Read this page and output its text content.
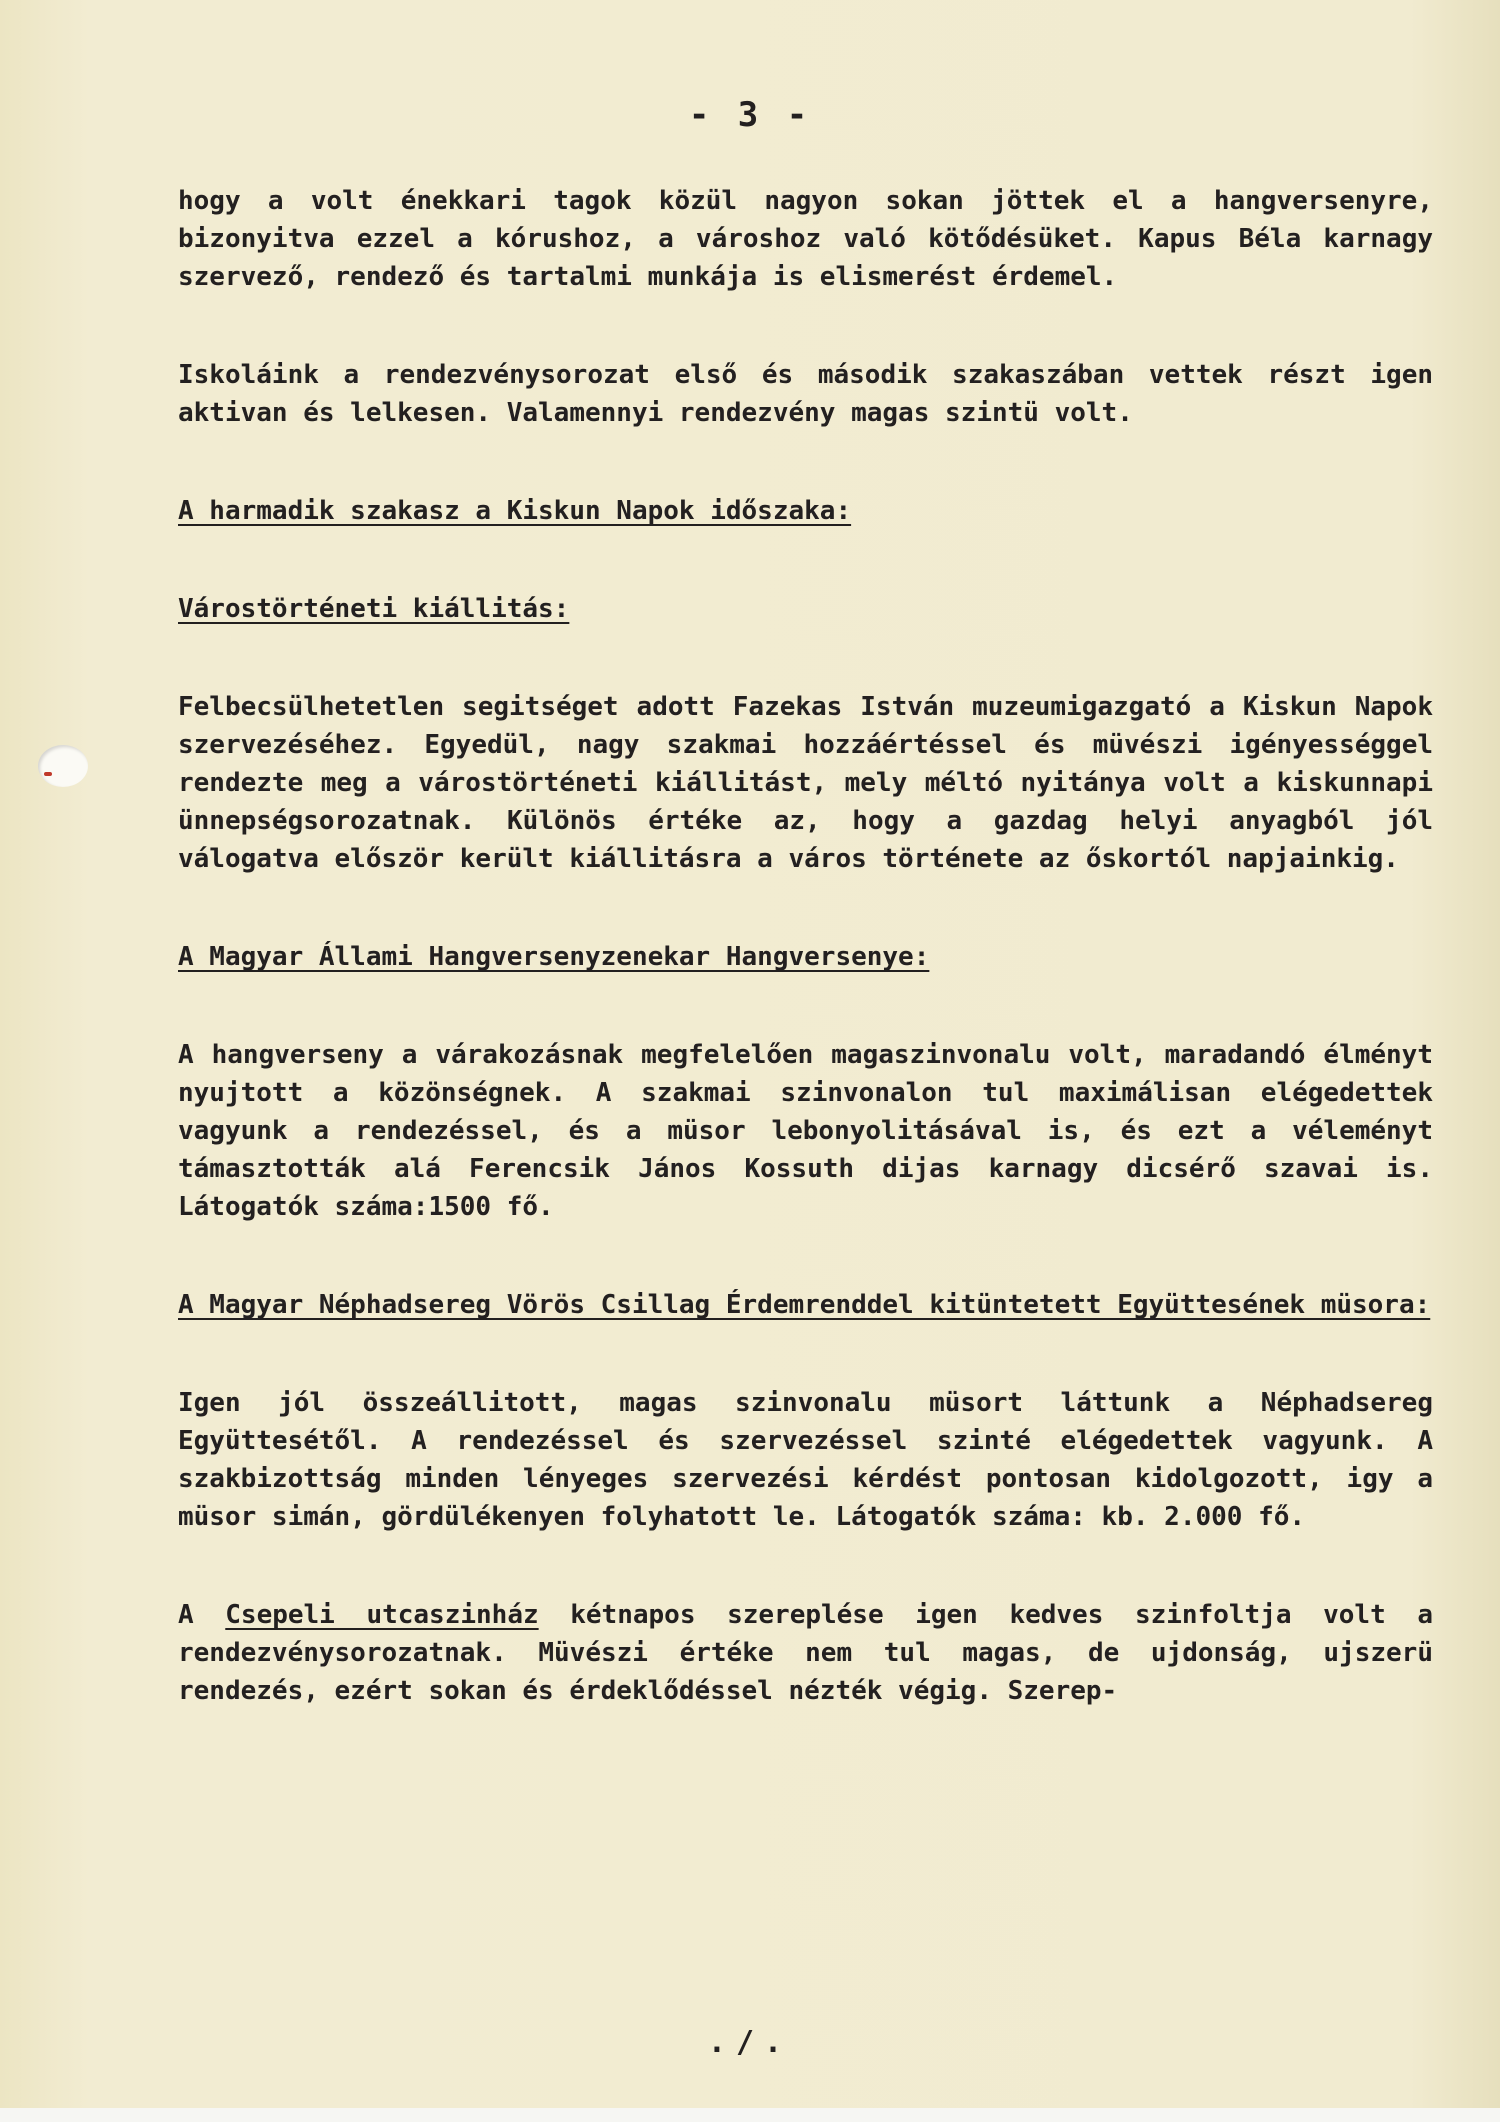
- 3 -

hogy a volt énekkari tagok közül nagyon sokan jöttek el a hangversenyre, bizonyitva ezzel a kórushoz, a városhoz való kötődésüket. Kapus Béla karnagy szervező, rendező és tartalmi munkája is elismerést érdemel.

Iskoláink a rendezvénysorozat első és második szakaszában vettek részt igen aktivan és lelkesen. Valamennyi rendezvény magas szintü volt.

A harmadik szakasz a Kiskun Napok időszaka:

Várostörténeti kiállitás:

Felbecsülhetetlen segitséget adott Fazekas István muzeumigazgató a Kiskun Napok szervezéséhez. Egyedül, nagy szakmai hozzáértéssel és müvészi igényességgel rendezte meg a várostörténeti kiállitást, mely méltó nyitánya volt a kiskunnapi ünnepségsorozatnak. Különös értéke az, hogy a gazdag helyi anyagból jól válogatva először került kiállitásra a város története az őskortól napjainkig.

A Magyar Állami Hangversenyzenekar Hangversenye:

A hangverseny a várakozásnak megfelelően magaszinvonalu volt, maradandó élményt nyujtott a közönségnek. A szakmai szinvonalon tul maximálisan elégedettek vagyunk a rendezéssel, és a müsor lebonyolitásával is, és ezt a véleményt támasztották alá Ferencsik János Kossuth dijas karnagy dicsérő szavai is. Látogatók száma:1500 fő.

A Magyar Néphadsereg Vörös Csillag Érdemrenddel kitüntetett Együttesének müsora:

Igen jól összeállitott, magas szinvonalu müsort láttunk a Néphadsereg Együttesétől. A rendezéssel és szervezéssel szinté elégedettek vagyunk. A szakbizottság minden lényeges szervezési kérdést pontosan kidolgozott, igy a müsor simán, gördülékenyen folyhatott le. Látogatók száma: kb. 2.000 fő.

A Csepeli utcaszinház kétnapos szereplése igen kedves szinfoltja volt a rendezvénysorozatnak. Müvészi értéke nem tul magas, de ujdonság, ujszerü rendezés, ezért sokan és érdeklődéssel nézték végig. Szerep-

./.
